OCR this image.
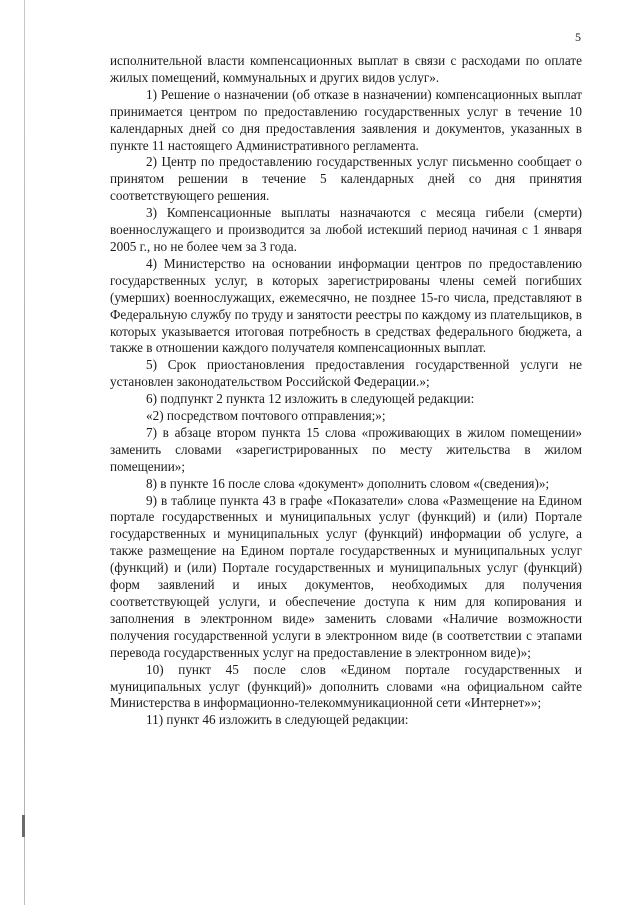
5

исполнительной власти компенсационных выплат в связи с расходами по оплате жилых помещений, коммунальных и других видов услуг».

1) Решение о назначении (об отказе в назначении) компенсационных выплат принимается центром по предоставлению государственных услуг в течение 10 календарных дней со дня предоставления заявления и документов, указанных в пункте 11 настоящего Административного регламента.

2) Центр по предоставлению государственных услуг письменно сообщает о принятом решении в течение 5 календарных дней со дня принятия соответствующего решения.

3) Компенсационные выплаты назначаются с месяца гибели (смерти) военнослужащего и производится за любой истекший период начиная с 1 января 2005 г., но не более чем за 3 года.

4) Министерство на основании информации центров по предоставлению государственных услуг, в которых зарегистрированы члены семей погибших (умерших) военнослужащих, ежемесячно, не позднее 15-го числа, представляют в Федеральную службу по труду и занятости реестры по каждому из плательщиков, в которых указывается итоговая потребность в средствах федерального бюджета, а также в отношении каждого получателя компенсационных выплат.

5) Срок приостановления предоставления государственной услуги не установлен законодательством Российской Федерации.»;

6) подпункт 2 пункта 12 изложить в следующей редакции:

«2) посредством почтового отправления;»;

7) в абзаце втором пункта 15 слова «проживающих в жилом помещении» заменить словами «зарегистрированных по месту жительства в жилом помещении»;

8) в пункте 16 после слова «документ» дополнить словом «(сведения)»;

9) в таблице пункта 43 в графе «Показатели» слова «Размещение на Едином портале государственных и муниципальных услуг (функций) и (или) Портале государственных и муниципальных услуг (функций) информации об услуге, а также размещение на Едином портале государственных и муниципальных услуг (функций) и (или) Портале государственных и муниципальных услуг (функций) форм заявлений и иных документов, необходимых для получения соответствующей услуги, и обеспечение доступа к ним для копирования и заполнения в электронном виде» заменить словами «Наличие возможности получения государственной услуги в электронном виде (в соответствии с этапами перевода государственных услуг на предоставление в электронном виде)»;

10) пункт 45 после слов «Едином портале государственных и муниципальных услуг (функций)» дополнить словами «на официальном сайте Министерства в информационно-телекоммуникационной сети «Интернет»»;

11) пункт 46 изложить в следующей редакции:
